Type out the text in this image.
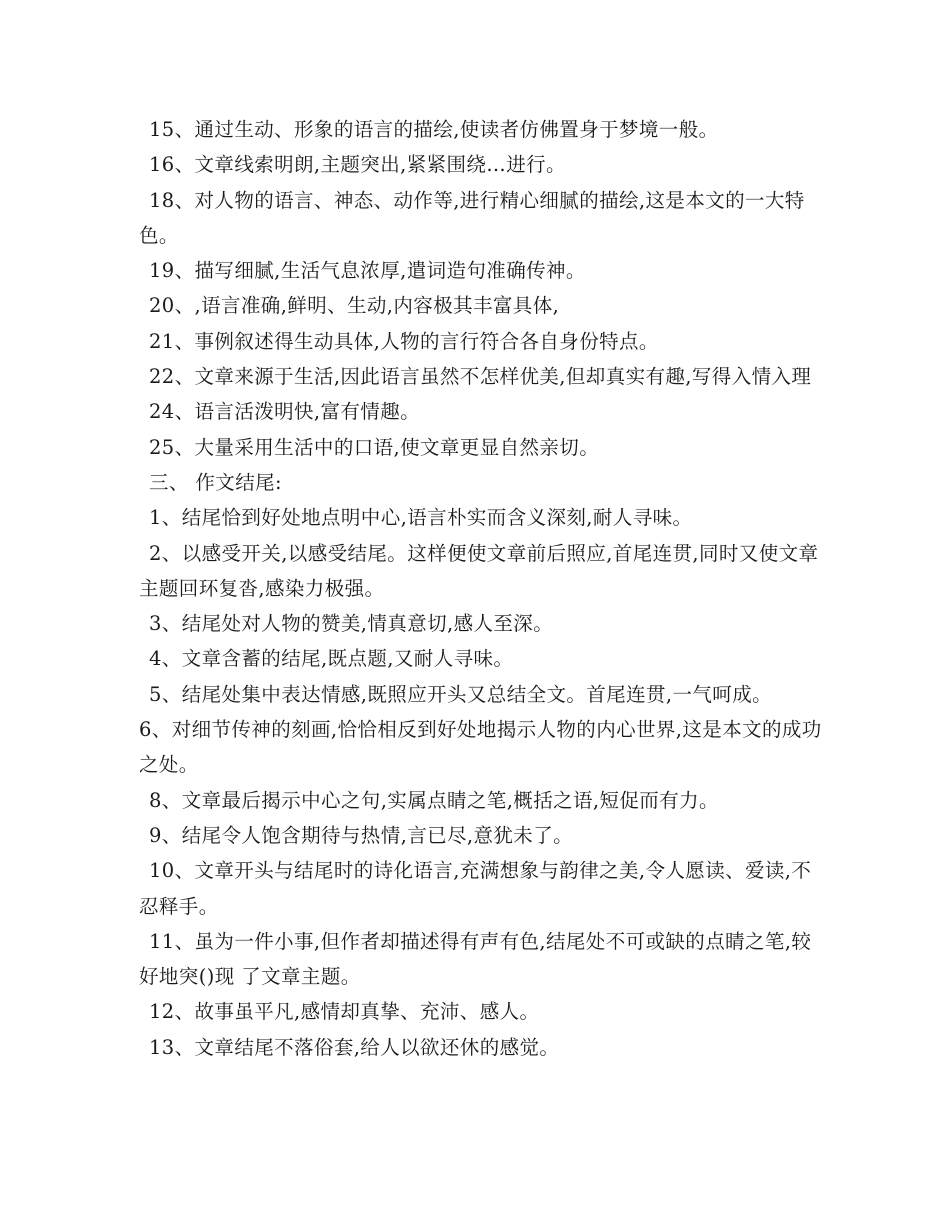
15、通过生动、形象的语言的描绘,使读者仿佛置身于梦境一般。

16、文章线索明朗,主题突出,紧紧围绕…进行。

18、对人物的语言、神态、动作等,进行精心细腻的描绘,这是本文的一大特色。

19、描写细腻,生活气息浓厚,遣词造句准确传神。

20、,语言准确,鲜明、生动,内容极其丰富具体,

21、事例叙述得生动具体,人物的言行符合各自身份特点。

22、文章来源于生活,因此语言虽然不怎样优美,但却真实有趣,写得入情入理

24、语言活泼明快,富有情趣。

25、大量采用生活中的口语,使文章更显自然亲切。

三、 作文结尾:

1、结尾恰到好处地点明中心,语言朴实而含义深刻,耐人寻味。

2、以感受开关,以感受结尾。这样便使文章前后照应,首尾连贯,同时又使文章主题回环复沓,感染力极强。

3、结尾处对人物的赞美,情真意切,感人至深。

4、文章含蓄的结尾,既点题,又耐人寻味。

5、结尾处集中表达情感,既照应开头又总结全文。首尾连贯,一气呵成。

6、对细节传神的刻画,恰恰相反到好处地揭示人物的内心世界,这是本文的成功之处。

8、文章最后揭示中心之句,实属点睛之笔,概括之语,短促而有力。

9、结尾令人饱含期待与热情,言已尽,意犹未了。

10、文章开头与结尾时的诗化语言,充满想象与韵律之美,令人愿读、爱读,不忍释手。

11、虽为一件小事,但作者却描述得有声有色,结尾处不可或缺的点睛之笔,较好地突()现 了文章主题。

12、故事虽平凡,感情却真挚、充沛、感人。

13、文章结尾不落俗套,给人以欲还休的感觉。
